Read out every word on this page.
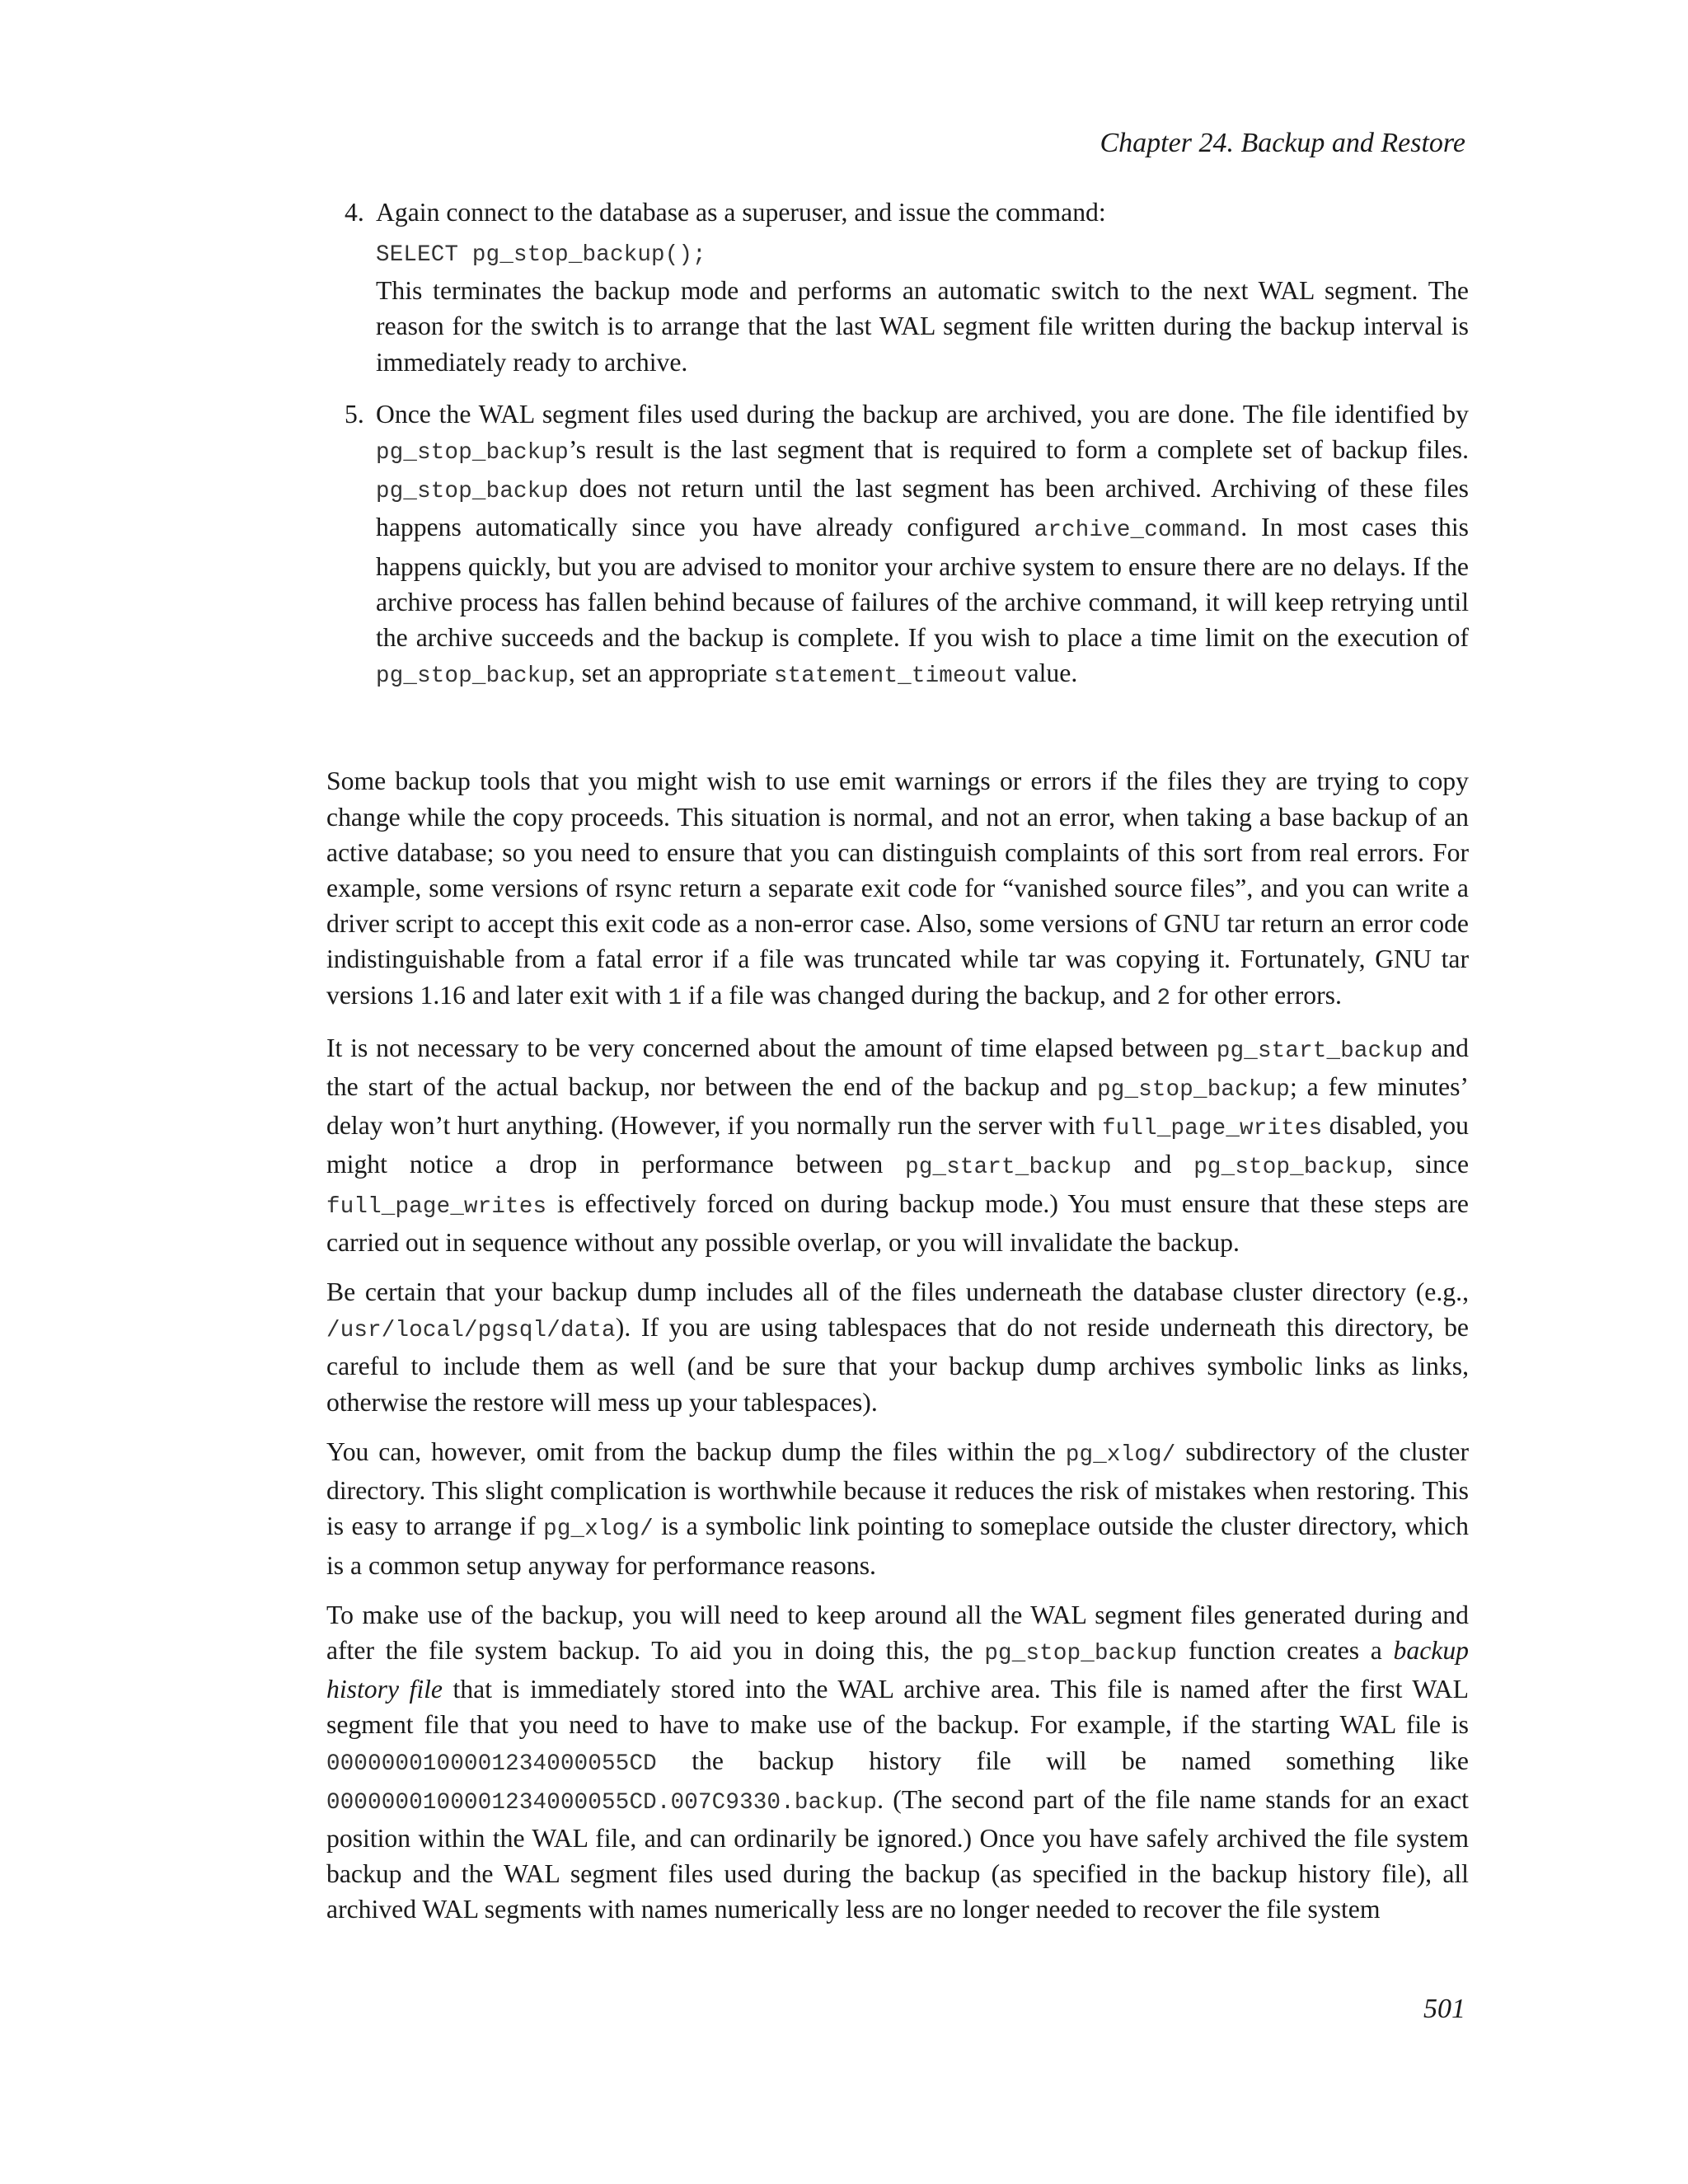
Chapter 24. Backup and Restore
4. Again connect to the database as a superuser, and issue the command:
SELECT pg_stop_backup();
This terminates the backup mode and performs an automatic switch to the next WAL segment. The reason for the switch is to arrange that the last WAL segment file written during the backup interval is immediately ready to archive.
5. Once the WAL segment files used during the backup are archived, you are done. The file identified by pg_stop_backup’s result is the last segment that is required to form a complete set of backup files. pg_stop_backup does not return until the last segment has been archived. Archiving of these files happens automatically since you have already configured archive_command. In most cases this happens quickly, but you are advised to monitor your archive system to ensure there are no delays. If the archive process has fallen behind because of failures of the archive command, it will keep retrying until the archive succeeds and the backup is complete. If you wish to place a time limit on the execution of pg_stop_backup, set an appropriate statement_timeout value.

Some backup tools that you might wish to use emit warnings or errors if the files they are trying to copy change while the copy proceeds. This situation is normal, and not an error, when taking a base backup of an active database; so you need to ensure that you can distinguish complaints of this sort from real errors. For example, some versions of rsync return a separate exit code for “vanished source files”, and you can write a driver script to accept this exit code as a non-error case. Also, some versions of GNU tar return an error code indistinguishable from a fatal error if a file was truncated while tar was copying it. Fortunately, GNU tar versions 1.16 and later exit with 1 if a file was changed during the backup, and 2 for other errors.

It is not necessary to be very concerned about the amount of time elapsed between pg_start_backup and the start of the actual backup, nor between the end of the backup and pg_stop_backup; a few minutes’ delay won’t hurt anything. (However, if you normally run the server with full_page_writes disabled, you might notice a drop in performance between pg_start_backup and pg_stop_backup, since full_page_writes is effectively forced on during backup mode.) You must ensure that these steps are carried out in sequence without any possible overlap, or you will invalidate the backup.

Be certain that your backup dump includes all of the files underneath the database cluster directory (e.g., /usr/local/pgsql/data). If you are using tablespaces that do not reside underneath this directory, be careful to include them as well (and be sure that your backup dump archives symbolic links as links, otherwise the restore will mess up your tablespaces).

You can, however, omit from the backup dump the files within the pg_xlog/ subdirectory of the cluster directory. This slight complication is worthwhile because it reduces the risk of mistakes when restoring. This is easy to arrange if pg_xlog/ is a symbolic link pointing to someplace outside the cluster directory, which is a common setup anyway for performance reasons.

To make use of the backup, you will need to keep around all the WAL segment files generated during and after the file system backup. To aid you in doing this, the pg_stop_backup function creates a backup history file that is immediately stored into the WAL archive area. This file is named after the first WAL segment file that you need to have to make use of the backup. For example, if the starting WAL file is 0000000100001234000055CD the backup history file will be named something like 0000000100001234000055CD.007C9330.backup. (The second part of the file name stands for an exact position within the WAL file, and can ordinarily be ignored.) Once you have safely archived the file system backup and the WAL segment files used during the backup (as specified in the backup history file), all archived WAL segments with names numerically less are no longer needed to recover the file system

501
